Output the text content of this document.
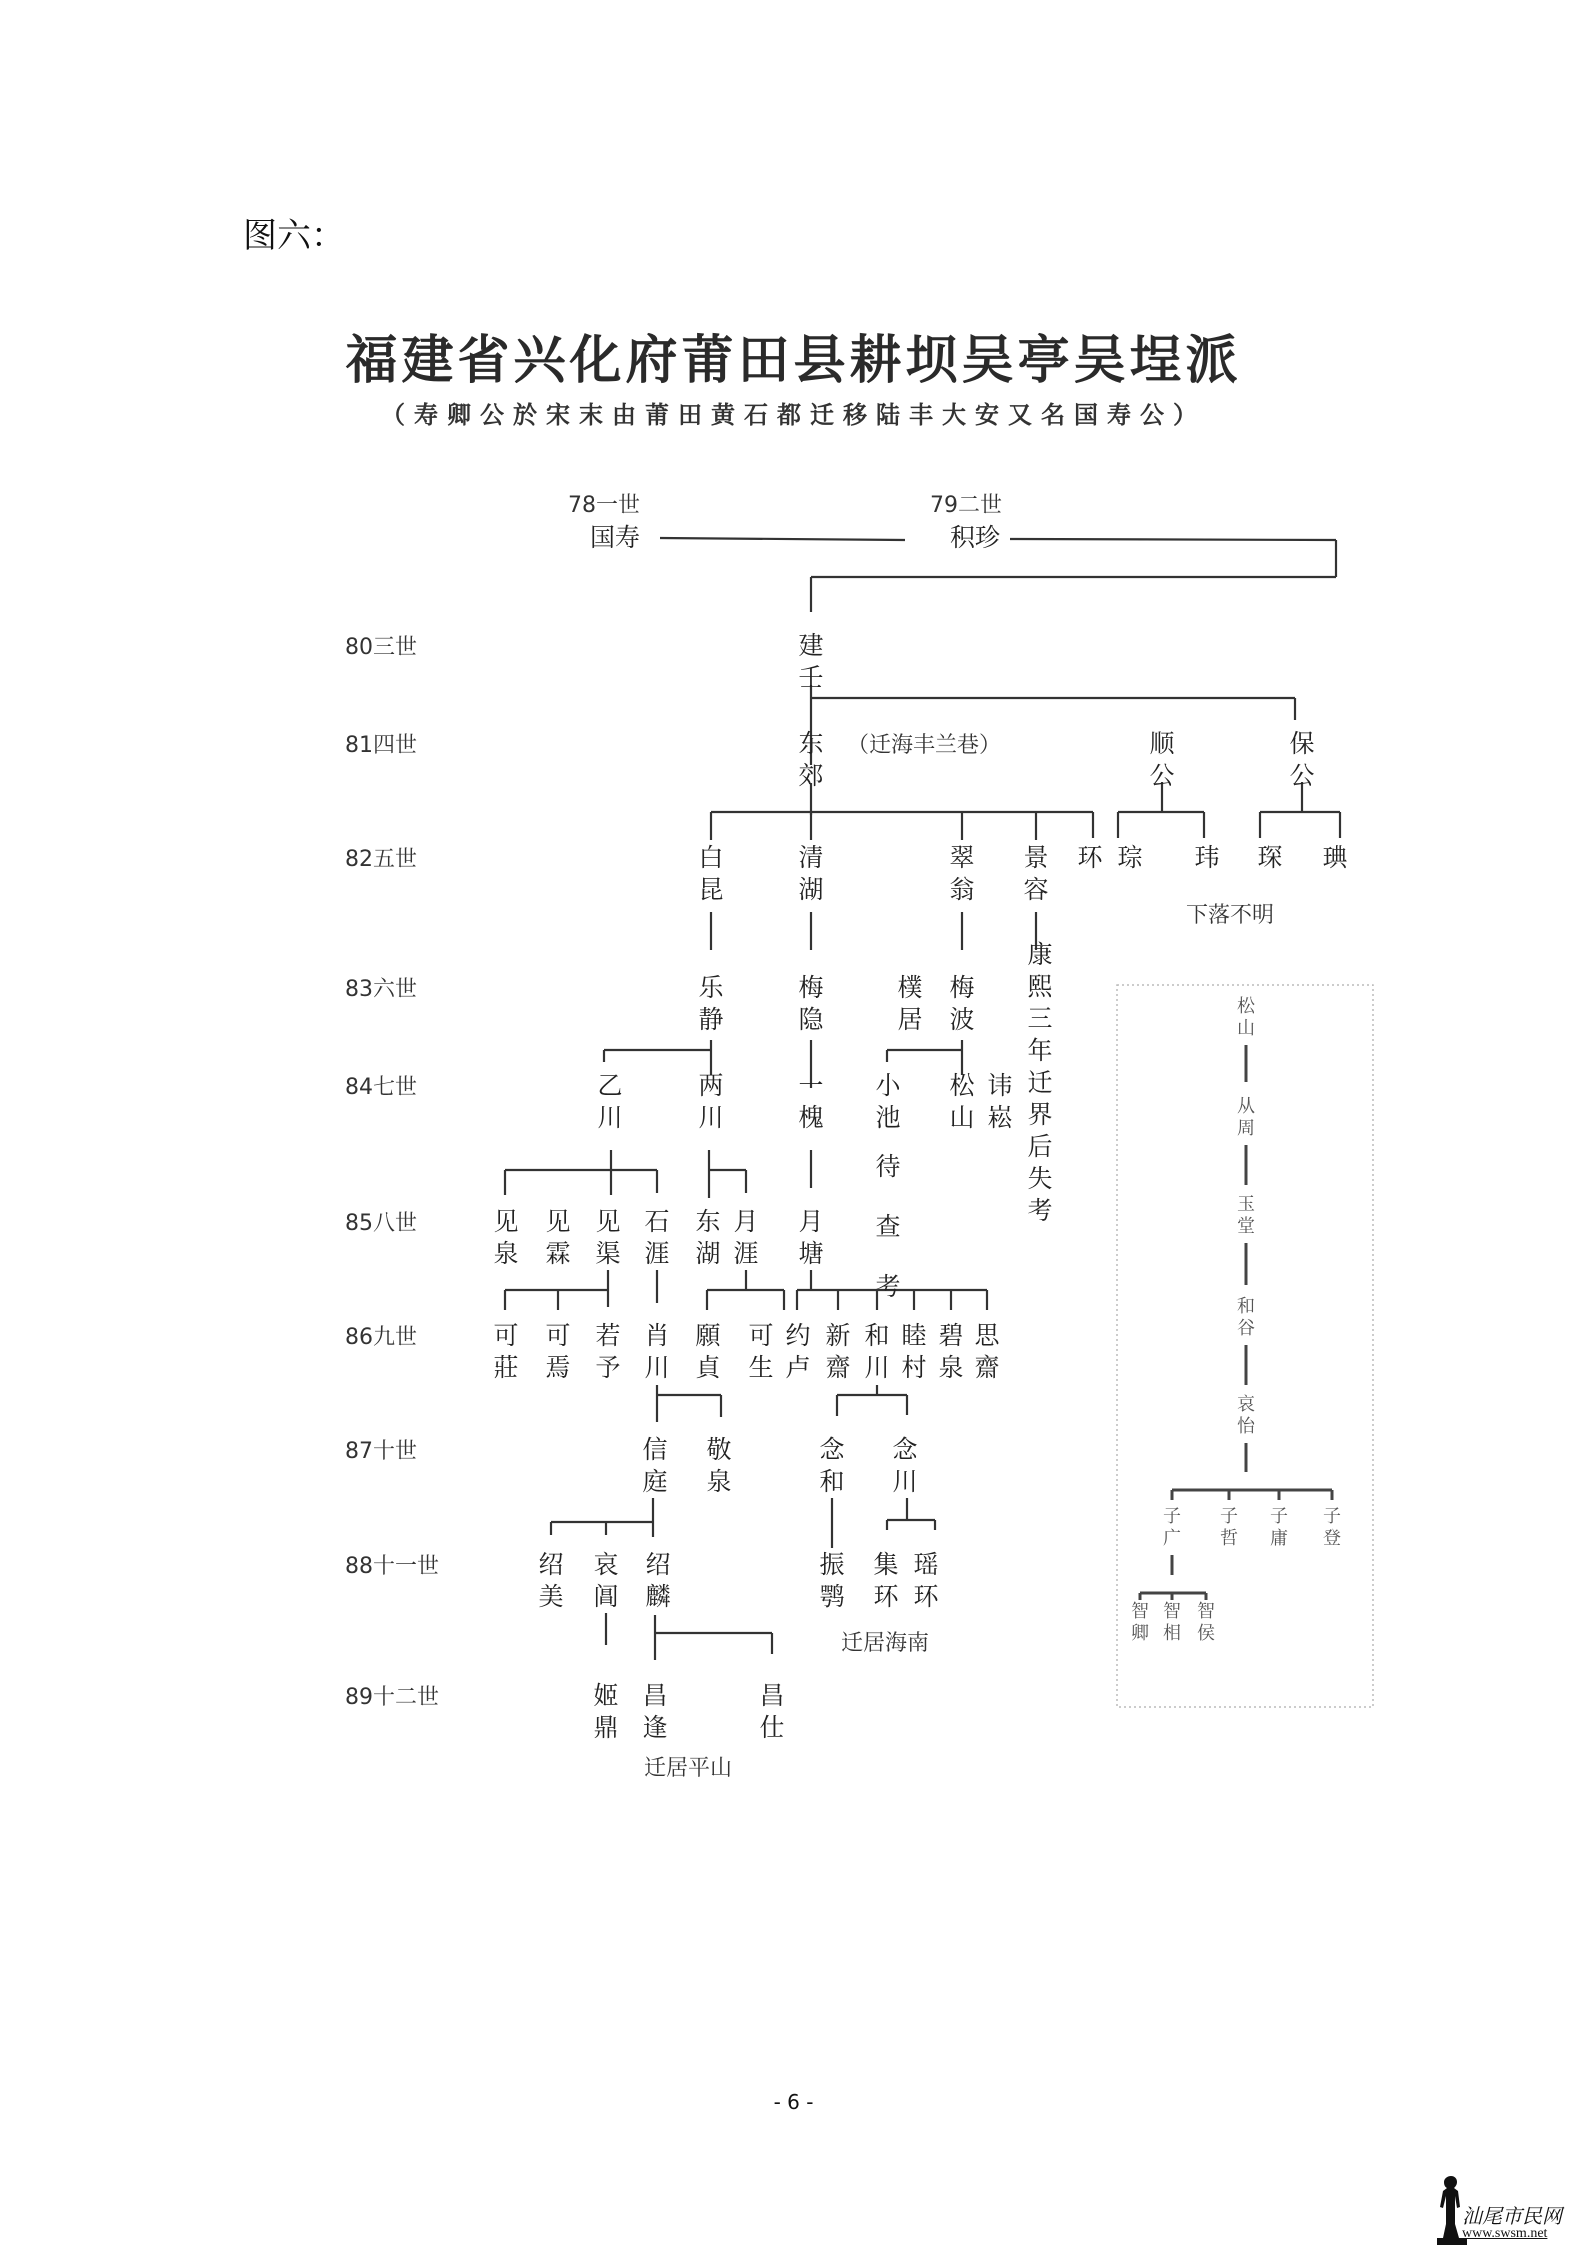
图六：
福建省兴化府莆田县耕坝吴亭吴埕派
（寿卿公於宋末由莆田黄石都迁移陆丰大安又名国寿公）
78一世	79二世
80三世
81四世
82五世
83六世
84七世
85八世
86九世
87十世
88十一世
89十二世
国寿	积珍
建
壬
东
郊
顺
公
保
公
白
昆
清
湖
翠
翁
景
容
环 琮 玮 琛 琠
康
熙
三
年
迁
界
后
失
考
乐
静
梅
隐
樸
居
梅
波
乙
川
两
川
一
槐
小
池
待
查
考
松
山
讳
崧
见
泉
见
霖
见
渠
石
涯
东
湖
月
涯
月
塘
可
莊
可
焉
若
予
肖
川
願
貞
可
生
约
卢
新
齋
和
川
睦
村
碧
泉
思
齋
信
庭
敬
泉
念
和
念
川
绍
美
哀
阊
绍
麟
振
鹗
集
环
瑶
环
姬
鼎
昌
逢
昌
仕
（迁海丰兰巷）
下落不明
迁居海南
迁居平山
松
山
从
周
玉
堂
和
谷
哀
怡
子
广
子
哲
子
庸
子
登
智
卿
智
相
智
侯
- 6 -
汕尾市民网
www.swsm.net
